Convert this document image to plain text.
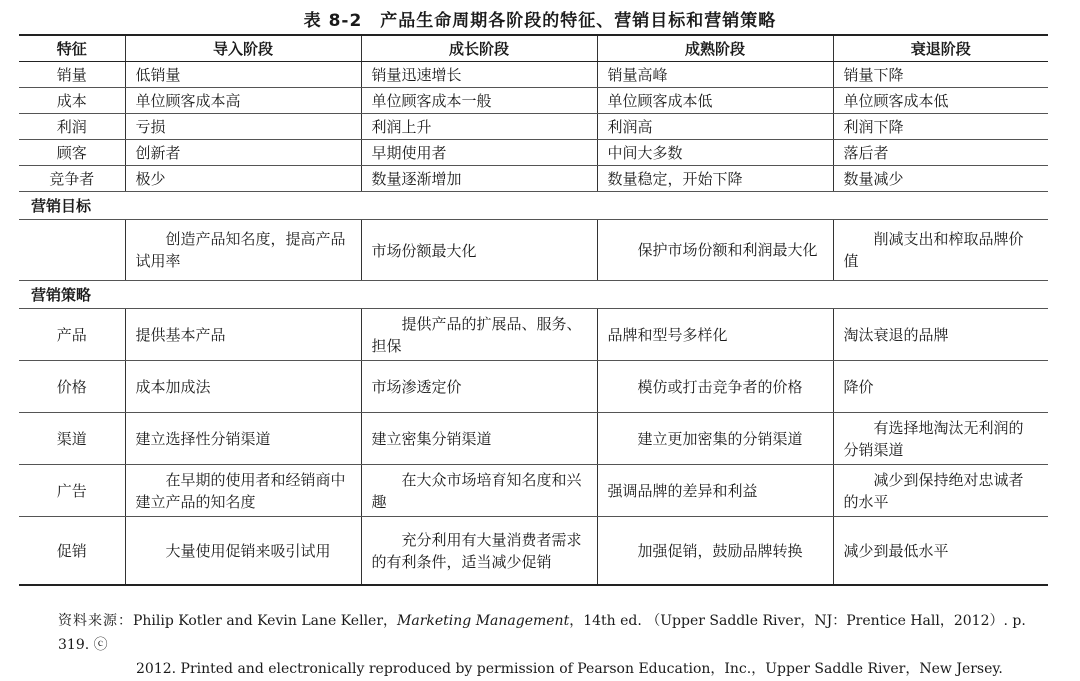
表 8-2　产品生命周期各阶段的特征、营销目标和营销策略
特征	导入阶段	成长阶段	成熟阶段	衰退阶段
销量	低销量	销量迅速增长	销量高峰	销量下降
成本	单位顾客成本高	单位顾客成本一般	单位顾客成本低	单位顾客成本低
利润	亏损	利润上升	利润高	利润下降
顾客	创新者	早期使用者	中间大多数	落后者
竞争者	极少	数量逐渐增加	数量稳定，开始下降	数量减少
营销目标				
	创造产品知名度，提高产品试用率	市场份额最大化	保护市场份额和利润最大化	削减支出和榨取品牌价值
营销策略				
产品	提供基本产品	提供产品的扩展品、服务、担保	品牌和型号多样化	淘汰衰退的品牌
价格	成本加成法	市场渗透定价	模仿或打击竞争者的价格	降价
渠道	建立选择性分销渠道	建立密集分销渠道	建立更加密集的分销渠道	有选择地淘汰无利润的分销渠道
广告	在早期的使用者和经销商中建立产品的知名度	在大众市场培育知名度和兴趣	强调品牌的差异和利益	减少到保持绝对忠诚者的水平
促销	大量使用促销来吸引试用	充分利用有大量消费者需求的有利条件，适当减少促销	加强促销，鼓励品牌转换	减少到最低水平
资料来源：Philip Kotler and Kevin Lane Keller，Marketing Management，14th ed. （Upper Saddle River，NJ：Prentice Hall，2012）. p. 319. ⓒ
2012. Printed and electronically reproduced by permission of Pearson Education，Inc.，Upper Saddle River，New Jersey.
